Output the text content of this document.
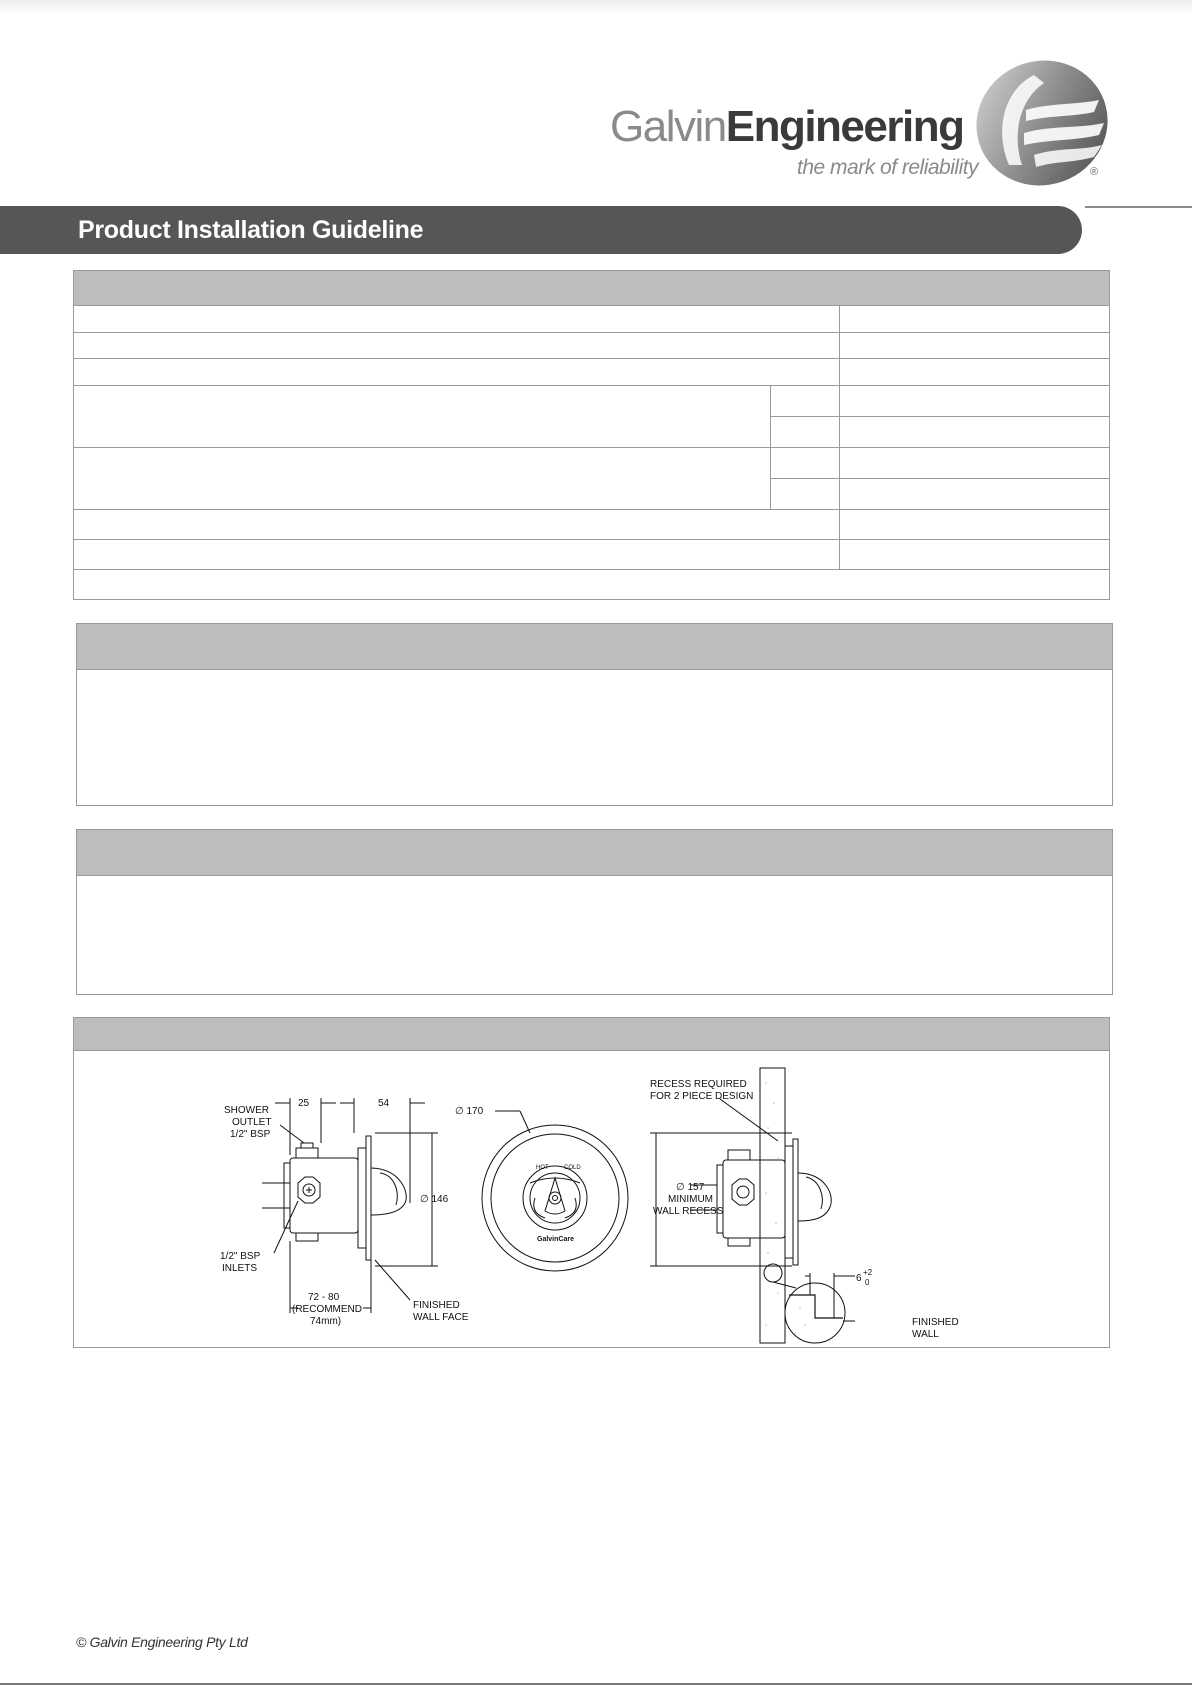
GalvinEngineering
the mark of reliability	®
Product Installation Guideline
SHOWER
OUTLET
1/2" BSP
25	54
∅ 146
1/2" BSP
INLETS
72 - 80
(RECOMMEND
74mm)
FINISHED
WALL FACE
∅ 170
HOT	COLD
GalvinCare
RECESS REQUIRED
FOR 2 PIECE DESIGN
∅ 157
MINIMUM
WALL RECESS
6
+2
0
FINISHED
WALL
© Galvin Engineering Pty Ltd
